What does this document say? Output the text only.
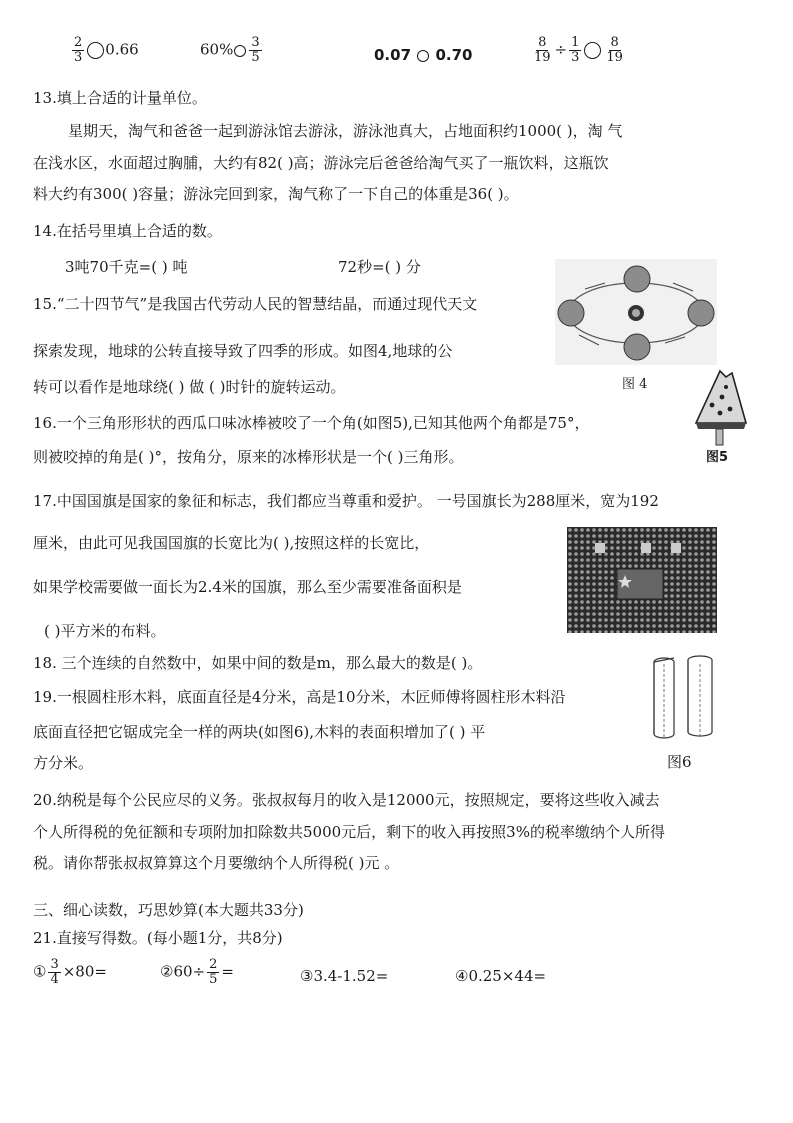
$\frac{2}{3} 0.66$	$60\% \frac{3}{5}$	0.07 0.70	$\frac{8}{19} \div \frac{1}{3} \frac{8}{19}$
13.填上合适的计量单位。
星期天，淘气和爸爸一起到游泳馆去游泳，游泳池真大，占地面积约1000( )，淘 气
在浅水区，水面超过胸脯，大约有82( )高；游泳完后爸爸给淘气买了一瓶饮料，这瓶饮
料大约有300( )容量；游泳完回到家，淘气称了一下自己的体重是36( )。
14.在括号里填上合适的数。
3吨70千克=( ) 吨	72秒=( ) 分
15.“二十四节气”是我国古代劳动人民的智慧结晶，而通过现代天文
探索发现，地球的公转直接导致了四季的形成。如图4,地球的公
转可以看作是地球绕( ) 做 ( )时针的旋转运动。	图 4
16.一个三角形形状的西瓜口味冰棒被咬了一个角(如图5),已知其他两个角都是75°，
则被咬掉的角是( )°，按角分，原来的冰棒形状是一个( )三角形。	图5
17.中国国旗是国家的象征和标志，我们都应当尊重和爱护。 一号国旗长为288厘米，宽为192
厘米，由此可见我国国旗的长宽比为( ),按照这样的长宽比，
如果学校需要做一面长为2.4米的国旗，那么至少需要准备面积是
( )平方米的布料。
18. 三个连续的自然数中，如果中间的数是m，那么最大的数是( )。
19.一根圆柱形木料，底面直径是4分米，高是10分米，木匠师傅将圆柱形木料沿
底面直径把它锯成完全一样的两块(如图6),木料的表面积增加了( ) 平
方分米。	图6
20.纳税是每个公民应尽的义务。张叔叔每月的收入是12000元，按照规定，要将这些收入减去
个人所得税的免征额和专项附加扣除数共5000元后，剩下的收入再按照3%的税率缴纳个人所得
税。请你帮张叔叔算算这个月要缴纳个人所得税( )元 。
三、细心读数，巧思妙算(本大题共33分)
21.直接写得数。(每小题1分，共8分)
① $\frac{3}{4} \times 80=$	②60÷ $\frac{2}{5}$ =	③3.4-1.52=	④0.25×44=
